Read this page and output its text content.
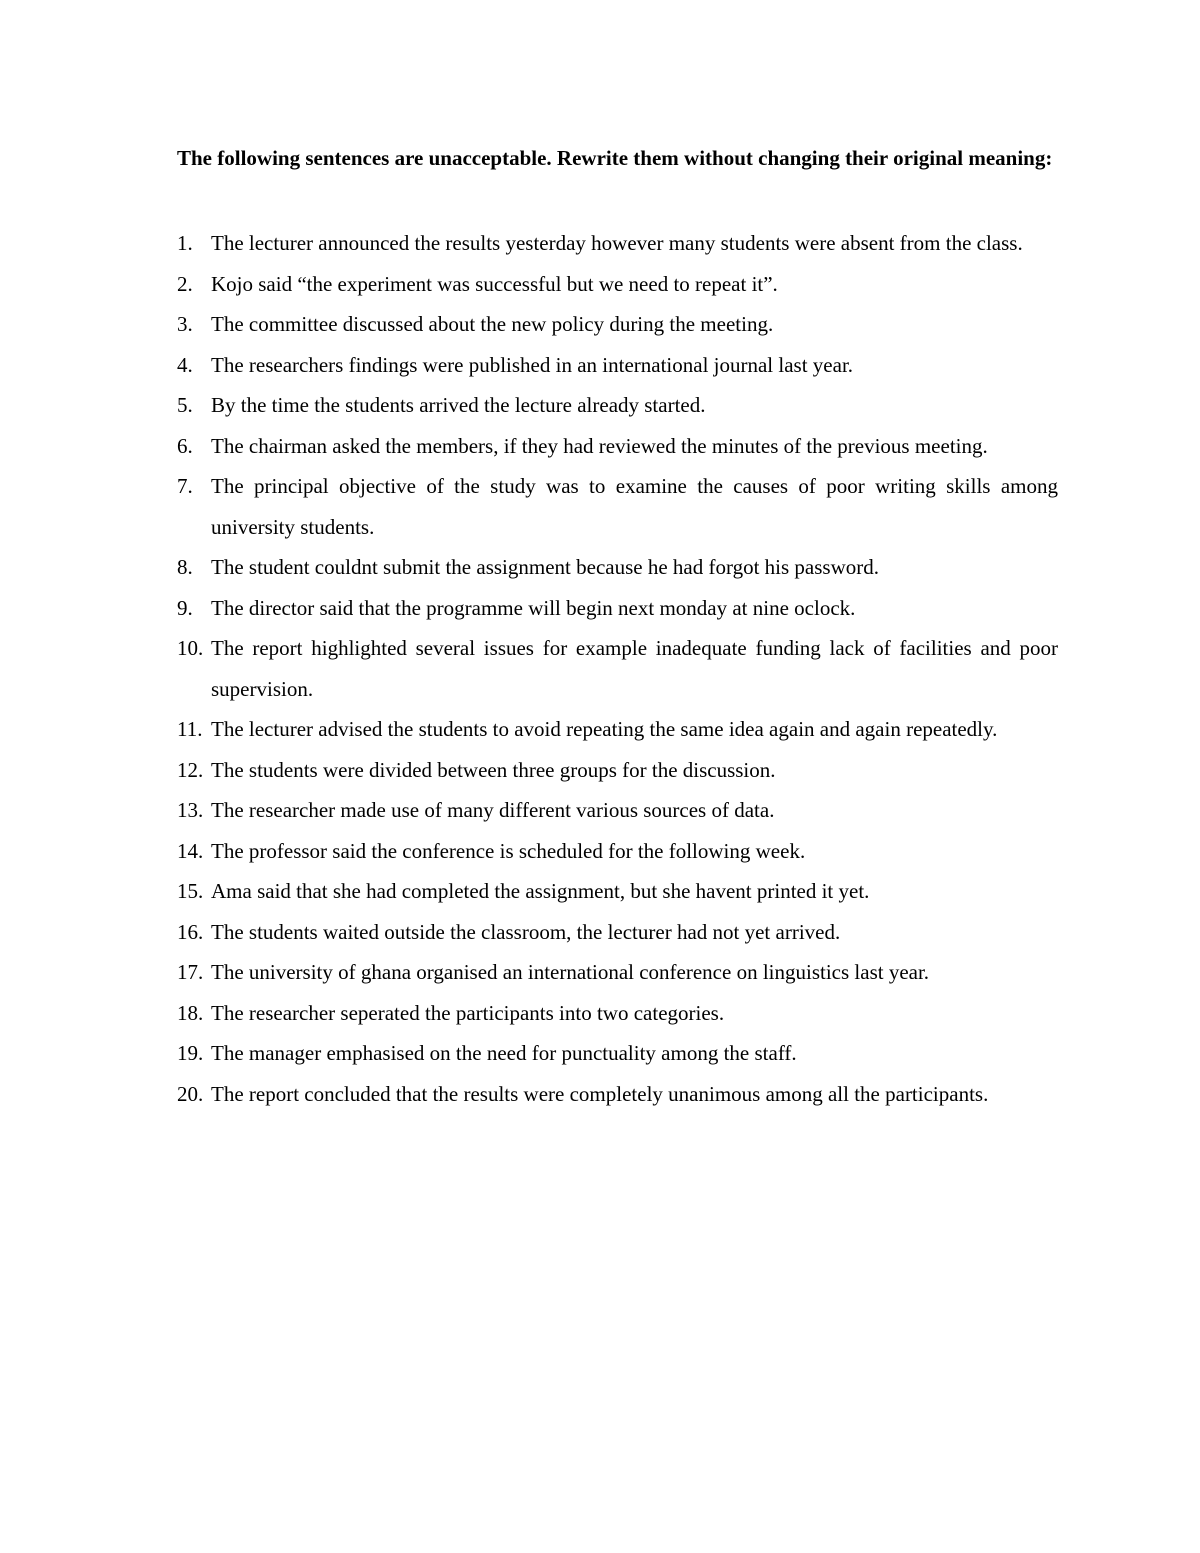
The following sentences are unacceptable. Rewrite them without changing their original meaning:

1. The lecturer announced the results yesterday however many students were absent from the class.
2. Kojo said “the experiment was successful but we need to repeat it”.
3. The committee discussed about the new policy during the meeting.
4. The researchers findings were published in an international journal last year.
5. By the time the students arrived the lecture already started.
6. The chairman asked the members, if they had reviewed the minutes of the previous meeting.
7. The principal objective of the study was to examine the causes of poor writing skills among university students.
8. The student couldnt submit the assignment because he had forgot his password.
9. The director said that the programme will begin next monday at nine oclock.
10. The report highlighted several issues for example inadequate funding lack of facilities and poor supervision.
11. The lecturer advised the students to avoid repeating the same idea again and again repeatedly.
12. The students were divided between three groups for the discussion.
13. The researcher made use of many different various sources of data.
14. The professor said the conference is scheduled for the following week.
15. Ama said that she had completed the assignment, but she havent printed it yet.
16. The students waited outside the classroom, the lecturer had not yet arrived.
17. The university of ghana organised an international conference on linguistics last year.
18. The researcher seperated the participants into two categories.
19. The manager emphasised on the need for punctuality among the staff.
20. The report concluded that the results were completely unanimous among all the participants.
